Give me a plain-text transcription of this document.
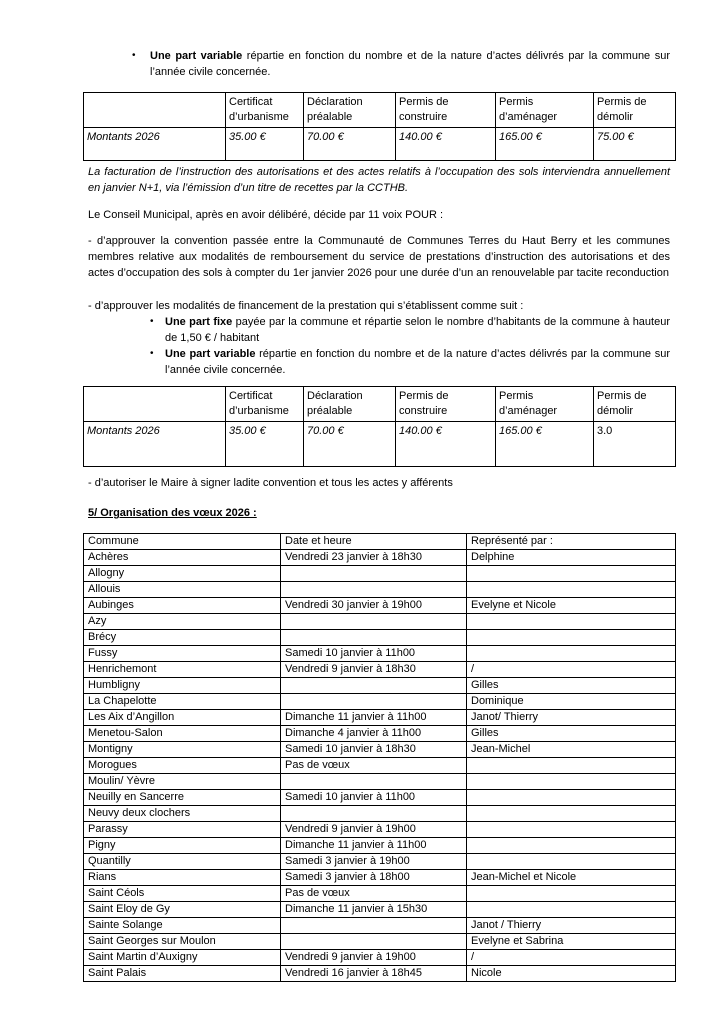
•	Une part variable répartie en fonction du nombre et de la nature d’actes délivrés par la commune sur l’année civile concernée.
	Certificat d’urbanisme	Déclaration préalable	Permis de construire	Permis d’aménager	Permis de démolir
Montants 2026	35.00 €	70.00 €	140.00 €	165.00 €	75.00 €

La facturation de l’instruction des autorisations et des actes relatifs à l’occupation des sols interviendra annuellement en janvier N+1, via l’émission d’un titre de recettes par la CCTHB.

Le Conseil Municipal, après en avoir délibéré, décide par 11 voix POUR :

- d’approuver la convention passée entre la Communauté de Communes Terres du Haut Berry et les communes membres relative aux modalités de remboursement du service de prestations d’instruction des autorisations et des actes d’occupation des sols à compter du 1er janvier 2026 pour une durée d’un an renouvelable par tacite reconduction

- d’approuver les modalités de financement de la prestation qui s’établissent comme suit :

•	Une part fixe payée par la commune et répartie selon le nombre d’habitants de la commune à hauteur de 1,50 € / habitant
•	Une part variable répartie en fonction du nombre et de la nature d’actes délivrés par la commune sur l’année civile concernée.
	Certificat d’urbanisme	Déclaration préalable	Permis de construire	Permis d’aménager	Permis de démolir
Montants 2026	35.00 €	70.00 €	140.00 €	165.00 €	3.0

- d’autoriser le Maire à signer ladite convention et tous les actes y afférents

5/ Organisation des vœux 2026 :

Commune	Date et heure	Représenté par :
Achères	Vendredi 23 janvier à 18h30	Delphine
Allogny		
Allouis		
Aubinges	Vendredi 30 janvier à 19h00	Evelyne et Nicole
Azy		
Brécy		
Fussy	Samedi 10 janvier à 11h00	
Henrichemont	Vendredi 9 janvier à 18h30	/
Humbligny		Gilles
La Chapelotte		Dominique
Les Aix d’Angillon	Dimanche 11 janvier à 11h00	Janot/ Thierry
Menetou-Salon	Dimanche 4 janvier à 11h00	Gilles
Montigny	Samedi 10 janvier à 18h30	Jean-Michel
Morogues	Pas de vœux	
Moulin/ Yèvre		
Neuilly en Sancerre	Samedi 10 janvier à 11h00	
Neuvy deux clochers		
Parassy	Vendredi 9 janvier à 19h00	
Pigny	Dimanche 11 janvier à 11h00	
Quantilly	Samedi 3 janvier à 19h00	
Rians	Samedi 3 janvier à 18h00	Jean-Michel et Nicole
Saint Céols	Pas de vœux	
Saint Eloy de Gy	Dimanche 11 janvier à 15h30	
Sainte Solange		Janot / Thierry
Saint Georges sur Moulon		Evelyne et Sabrina
Saint Martin d’Auxigny	Vendredi 9 janvier à 19h00	/
Saint Palais	Vendredi 16 janvier à 18h45	Nicole
